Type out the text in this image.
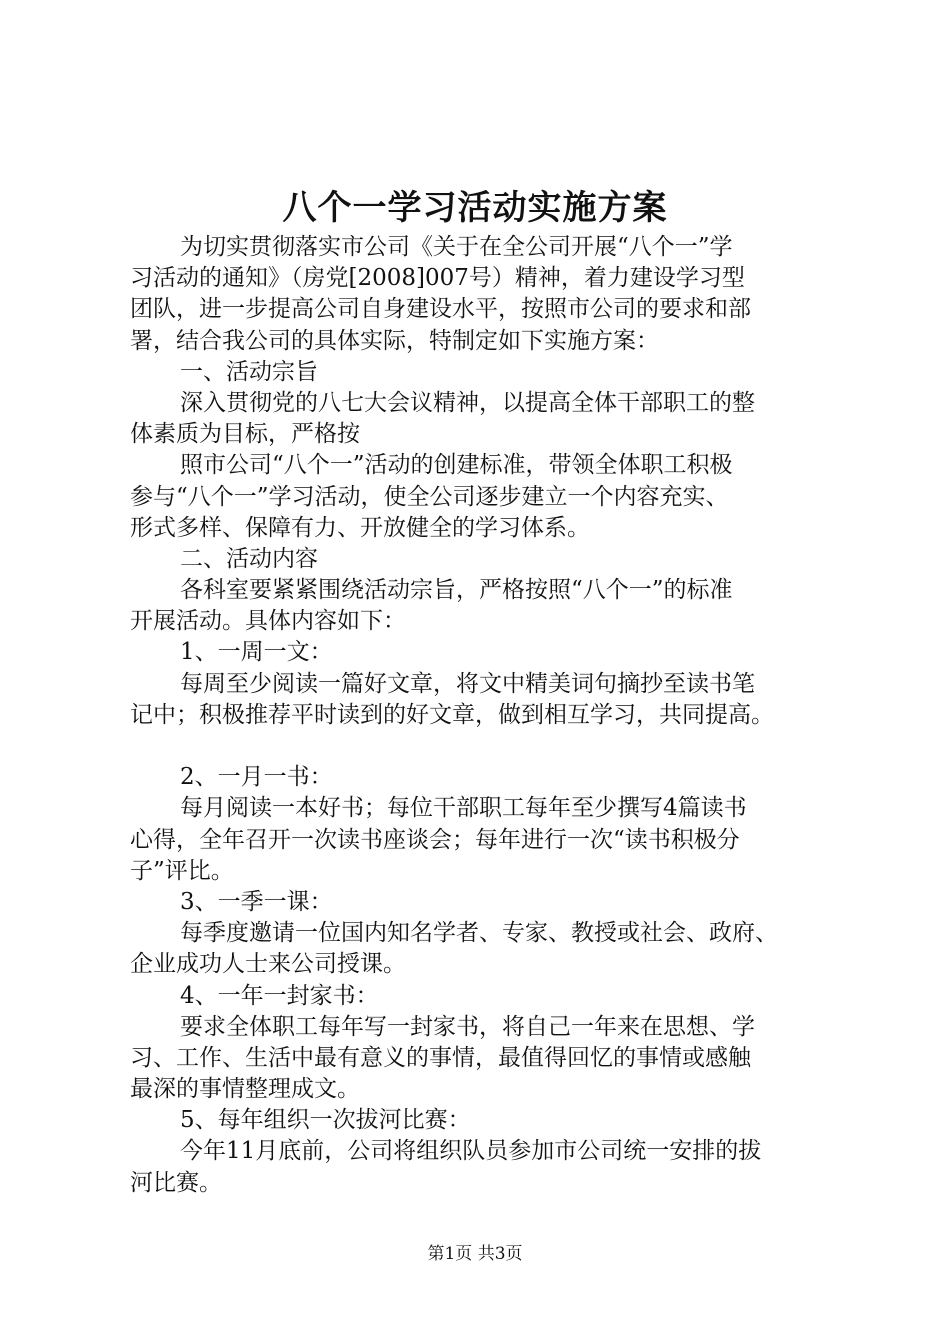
八个一学习活动实施方案
为切实贯彻落实市公司《关于在全公司开展“八个一”学
习活动的通知》（房党[2008]007号）精神，着力建设学习型
团队，进一步提高公司自身建设水平，按照市公司的要求和部
署，结合我公司的具体实际，特制定如下实施方案：
一、活动宗旨
深入贯彻党的八七大会议精神，以提高全体干部职工的整
体素质为目标，严格按
照市公司“八个一”活动的创建标准，带领全体职工积极
参与“八个一”学习活动，使全公司逐步建立一个内容充实、
形式多样、保障有力、开放健全的学习体系。
二、活动内容
各科室要紧紧围绕活动宗旨，严格按照“八个一”的标准
开展活动。具体内容如下：
1、一周一文：
每周至少阅读一篇好文章，将文中精美词句摘抄至读书笔
记中；积极推荐平时读到的好文章，做到相互学习，共同提高。
2、一月一书：
每月阅读一本好书；每位干部职工每年至少撰写4篇读书
心得，全年召开一次读书座谈会；每年进行一次“读书积极分
子”评比。
3、一季一课：
每季度邀请一位国内知名学者、专家、教授或社会、政府、
企业成功人士来公司授课。
4、一年一封家书：
要求全体职工每年写一封家书，将自己一年来在思想、学
习、工作、生活中最有意义的事情，最值得回忆的事情或感触
最深的事情整理成文。
5、每年组织一次拔河比赛：
今年11月底前，公司将组织队员参加市公司统一安排的拔
河比赛。
第1页 共3页
